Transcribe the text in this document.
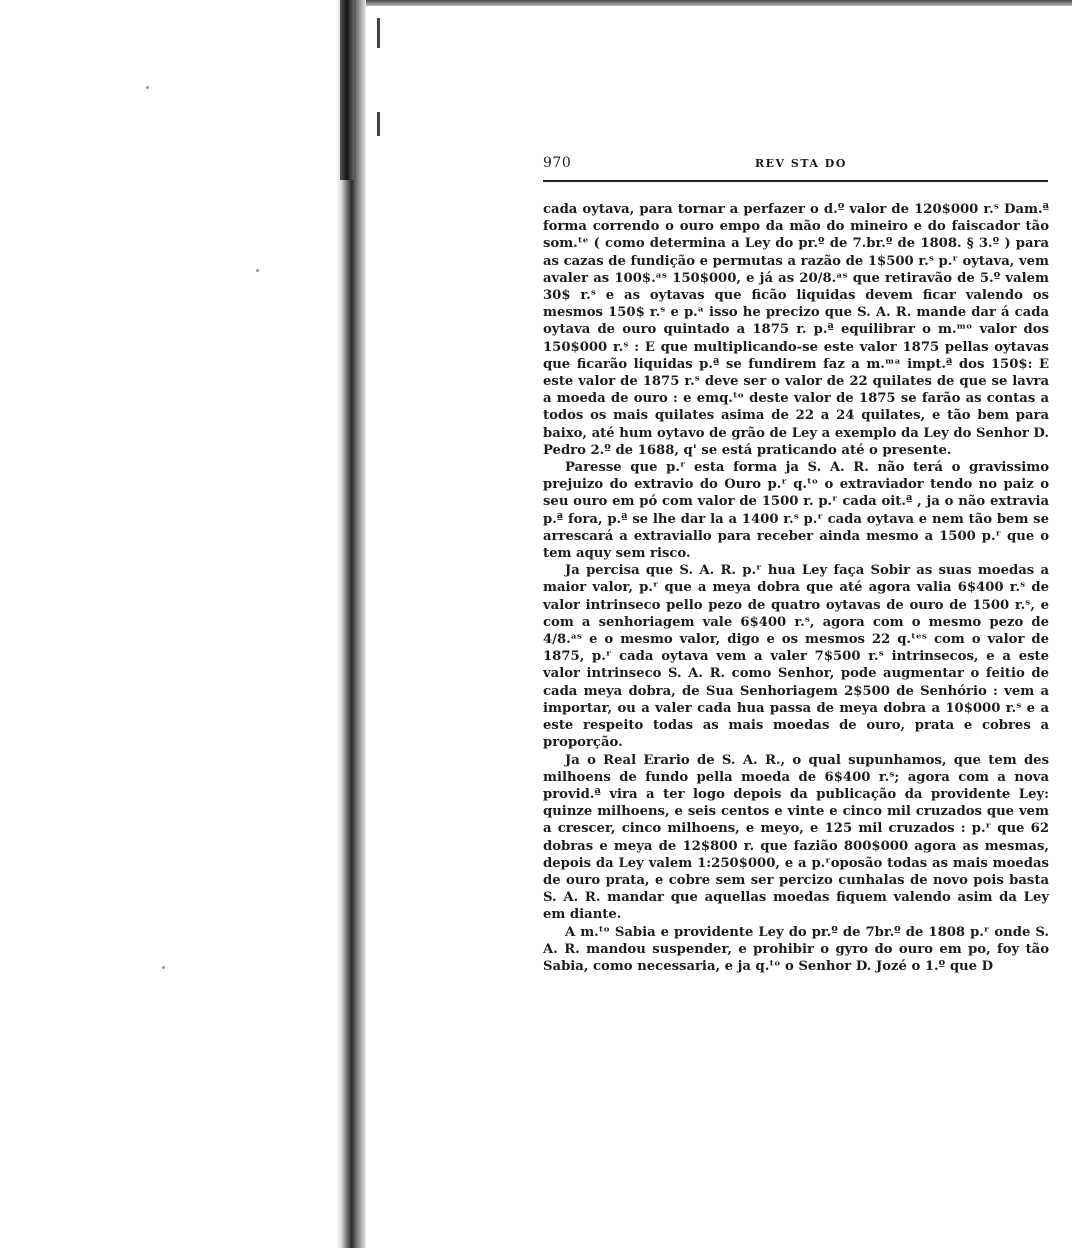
970	REV STA DO

cada oytava, para tornar a perfazer o d.º valor de 120$000 r.ˢ Dam.ª forma correndo o ouro empo da mão do mineiro e do faiscador tão som.ᵗᵉ ( como determina a Ley do pr.º de 7.br.º de 1808. § 3.º ) para as cazas de fundição e permutas a razão de 1$500 r.ˢ p.ʳ oytava, vem avaler as 100$.ᵃˢ 150$000, e já as 20/8.ᵃˢ que retiravão de 5.º valem 30$ r.ˢ e as oytavas que ficão liquidas devem ficar valendo os mesmos 150$ r.ˢ e p.ᵃ isso he precizo que S. A. R. mande dar á cada oytava de ouro quintado a 1875 r. p.ª equilibrar o m.ᵐᵒ valor dos 150$000 r.ˢ : E que multiplicando-se este valor 1875 pellas oytavas que ficarão liquidas p.ª se fundirem faz a m.ᵐᵃ impt.ª dos 150$: E este valor de 1875 r.ˢ deve ser o valor de 22 quilates de que se lavra a moeda de ouro : e emq.ᵗᵒ deste valor de 1875 se farão as contas a todos os mais quilates asima de 22 a 24 quilates, e tão bem para baixo, até hum oytavo de grão de Ley a exemplo da Ley do Senhor D. Pedro 2.º de 1688, q' se está praticando até o presente.

Paresse que p.ʳ esta forma ja S. A. R. não terá o gravissimo prejuizo do extravio do Ouro p.ʳ q.ᵗᵒ o extraviador tendo no paiz o seu ouro em pó com valor de 1500 r. p.ʳ cada oit.ª , ja o não extravia p.ª fora, p.ª se lhe dar la a 1400 r.ˢ p.ʳ cada oytava e nem tão bem se arrescará a extraviallo para receber ainda mesmo a 1500 p.ʳ que o tem aquy sem risco.

Ja percisa que S. A. R. p.ʳ hua Ley faça Sobir as suas moedas a maior valor, p.ʳ que a meya dobra que até agora valia 6$400 r.ˢ de valor intrinseco pello pezo de quatro oytavas de ouro de 1500 r.ˢ, e com a senhoriagem vale 6$400 r.ˢ, agora com o mesmo pezo de 4/8.ᵃˢ e o mesmo valor, digo e os mesmos 22 q.ᵗᵉˢ com o valor de 1875, p.ʳ cada oytava vem a valer 7$500 r.ˢ intrinsecos, e a este valor intrinseco S. A. R. como Senhor, pode augmentar o feitio de cada meya dobra, de Sua Senhoriagem 2$500 de Senhório : vem a importar, ou a valer cada hua passa de meya dobra a 10$000 r.ˢ e a este respeito todas as mais moedas de ouro, prata e cobres a proporção.

Ja o Real Erario de S. A. R., o qual supunhamos, que tem des milhoens de fundo pella moeda de 6$400 r.ˢ; agora com a nova provid.ª vira a ter logo depois da publicação da providente Ley: quinze milhoens, e seis centos e vinte e cinco mil cruzados que vem a crescer, cinco milhoens, e meyo, e 125 mil cruzados : p.ʳ que 62 dobras e meya de 12$800 r. que fazião 800$000 agora as mesmas, depois da Ley valem 1:250$000, e a p.ʳoposão todas as mais moedas de ouro prata, e cobre sem ser percizo cunhalas de novo pois basta S. A. R. mandar que aquellas moedas fiquem valendo asim da Ley em diante.

A m.ᵗᵒ Sabia e providente Ley do pr.º de 7br.º de 1808 p.ʳ onde S. A. R. mandou suspender, e prohibir o gyro do ouro em po, foy tão Sabia, como necessaria, e ja q.ᵗᵒ o Senhor D. Jozé o 1.º que D
